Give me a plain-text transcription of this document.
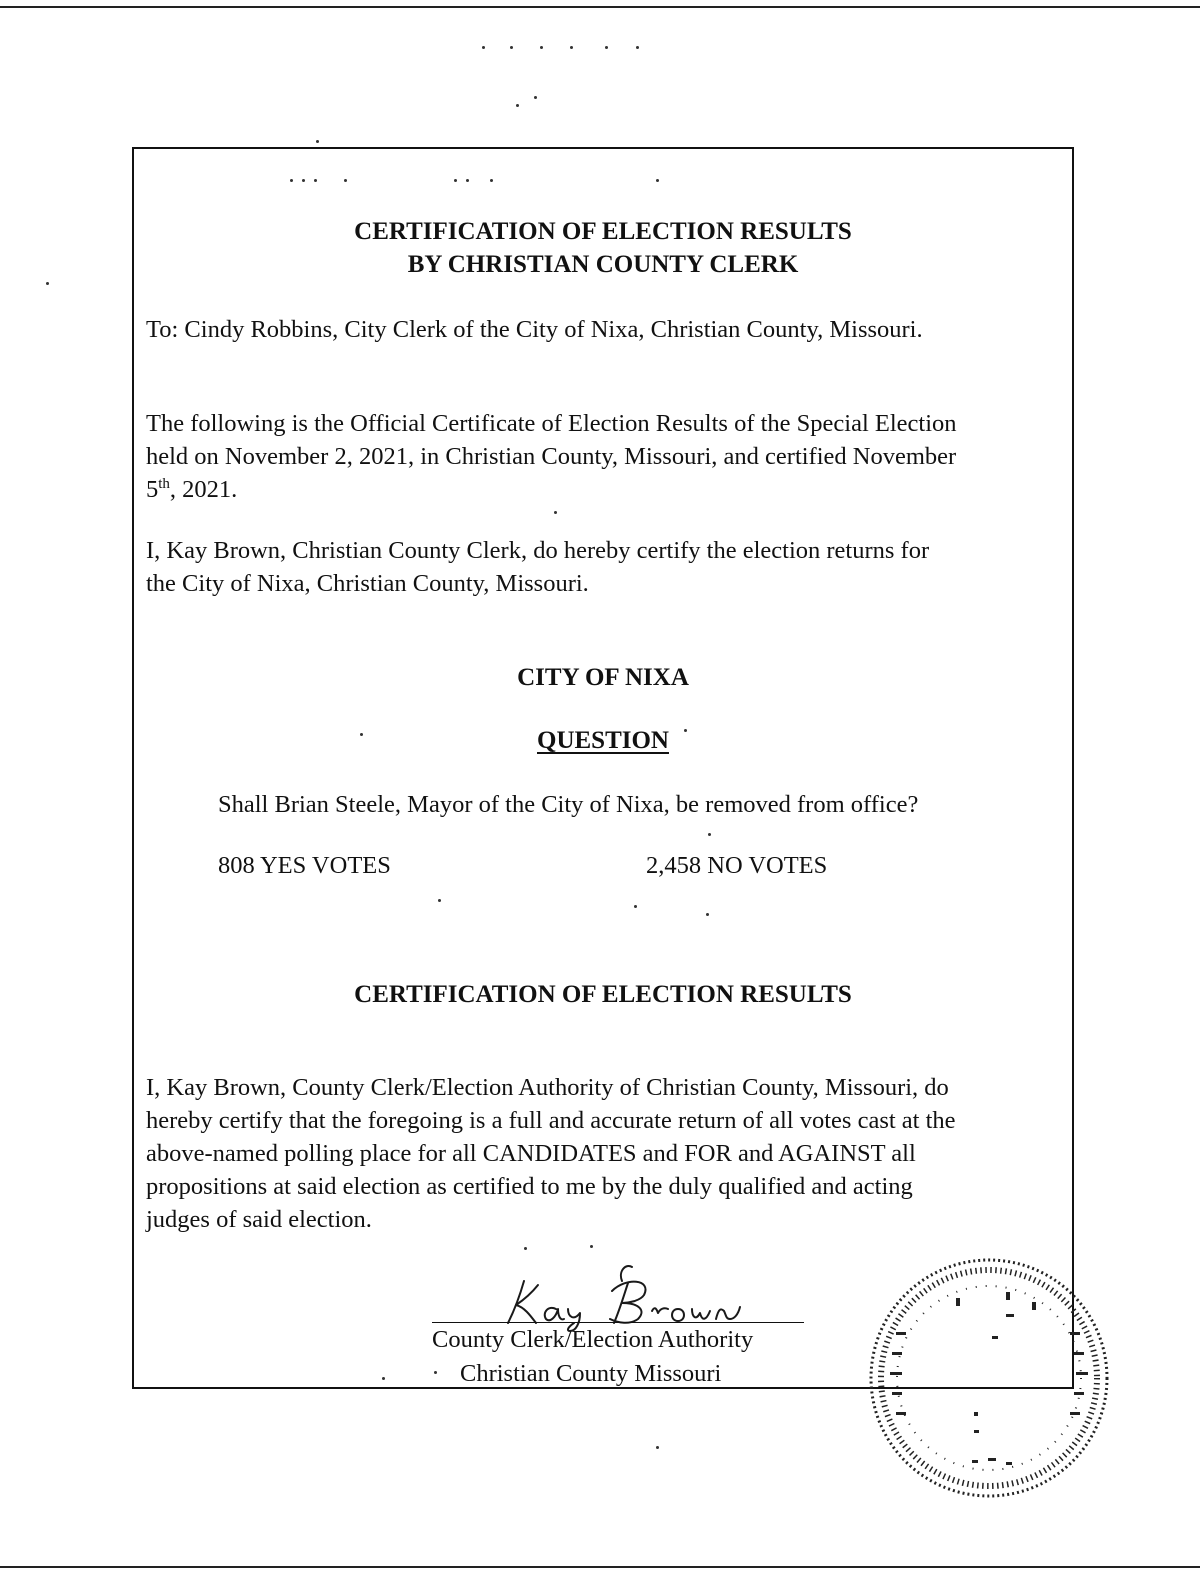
CERTIFICATION OF ELECTION RESULTS

BY CHRISTIAN COUNTY CLERK

To: Cindy Robbins, City Clerk of the City of Nixa, Christian County, Missouri.

The following is the Official Certificate of Election Results of the Special Election

held on November 2, 2021, in Christian County, Missouri, and certified November

5th, 2021.

I, Kay Brown, Christian County Clerk, do hereby certify the election returns for

the City of Nixa, Christian County, Missouri.

CITY OF NIXA

QUESTION

Shall Brian Steele, Mayor of the City of Nixa, be removed from office?

808 YES VOTES	2,458 NO VOTES

CERTIFICATION OF ELECTION RESULTS

I, Kay Brown, County Clerk/Election Authority of Christian County, Missouri, do

hereby certify that the foregoing is a full and accurate return of all votes cast at the

above-named polling place for all CANDIDATES and FOR and AGAINST all

propositions at said election as certified to me by the duly qualified and acting

judges of said election.

County Clerk/Election Authority

Christian County Missouri
